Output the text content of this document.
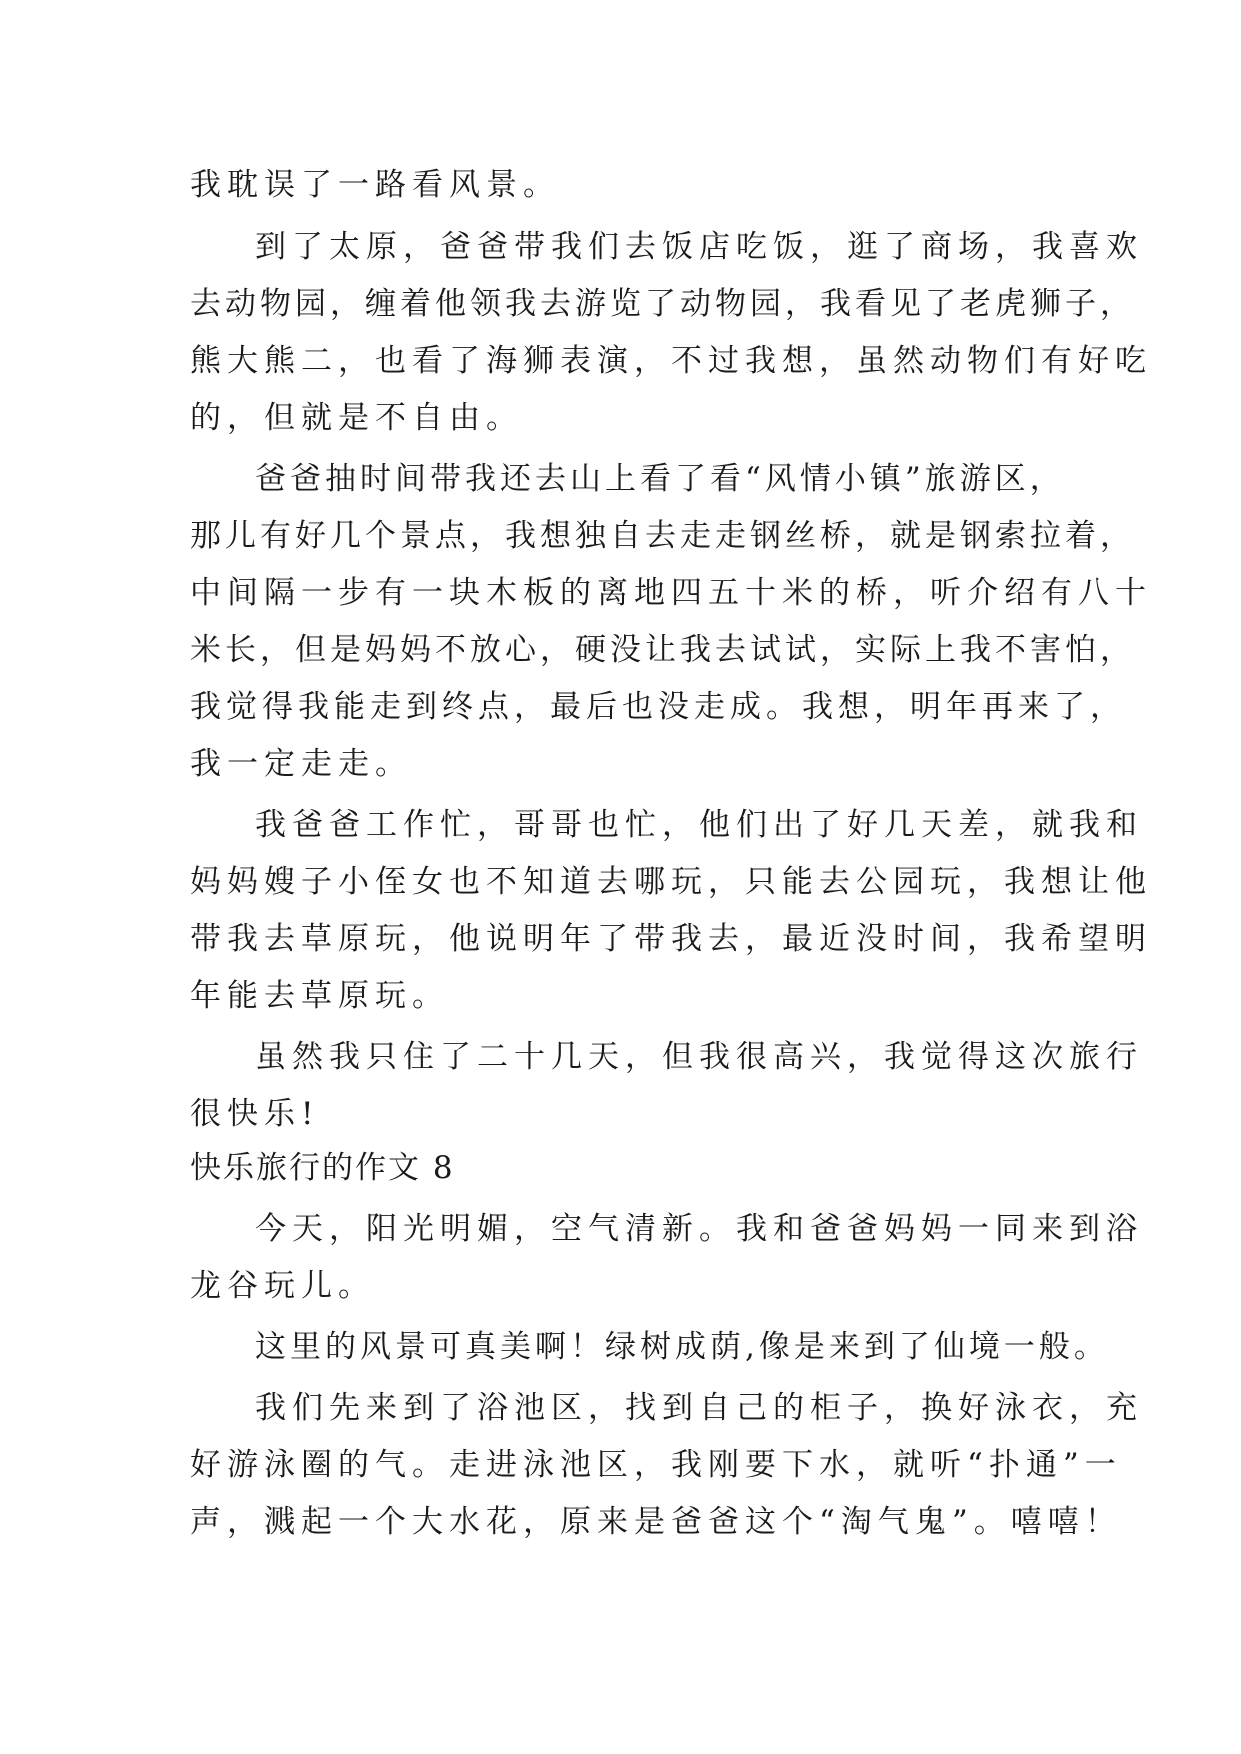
我耽误了一路看风景。
到了太原，爸爸带我们去饭店吃饭，逛了商场，我喜欢
去动物园，缠着他领我去游览了动物园，我看见了老虎狮子，
熊大熊二，也看了海狮表演，不过我想，虽然动物们有好吃
的，但就是不自由。
爸爸抽时间带我还去山上看了看“风情小镇”旅游区，
那儿有好几个景点，我想独自去走走钢丝桥，就是钢索拉着，
中间隔一步有一块木板的离地四五十米的桥，听介绍有八十
米长，但是妈妈不放心，硬没让我去试试，实际上我不害怕，
我觉得我能走到终点，最后也没走成。我想，明年再来了，
我一定走走。
我爸爸工作忙，哥哥也忙，他们出了好几天差，就我和
妈妈嫂子小侄女也不知道去哪玩，只能去公园玩，我想让他
带我去草原玩，他说明年了带我去，最近没时间，我希望明
年能去草原玩。
虽然我只住了二十几天，但我很高兴，我觉得这次旅行
很快乐!
快乐旅行的作文 8
今天，阳光明媚，空气清新。我和爸爸妈妈一同来到浴
龙谷玩儿。
这里的风景可真美啊！绿树成荫,像是来到了仙境一般。
我们先来到了浴池区，找到自己的柜子，换好泳衣，充
好游泳圈的气。走进泳池区，我刚要下水，就听“扑通”一
声，溅起一个大水花，原来是爸爸这个“淘气鬼”。嘻嘻！
